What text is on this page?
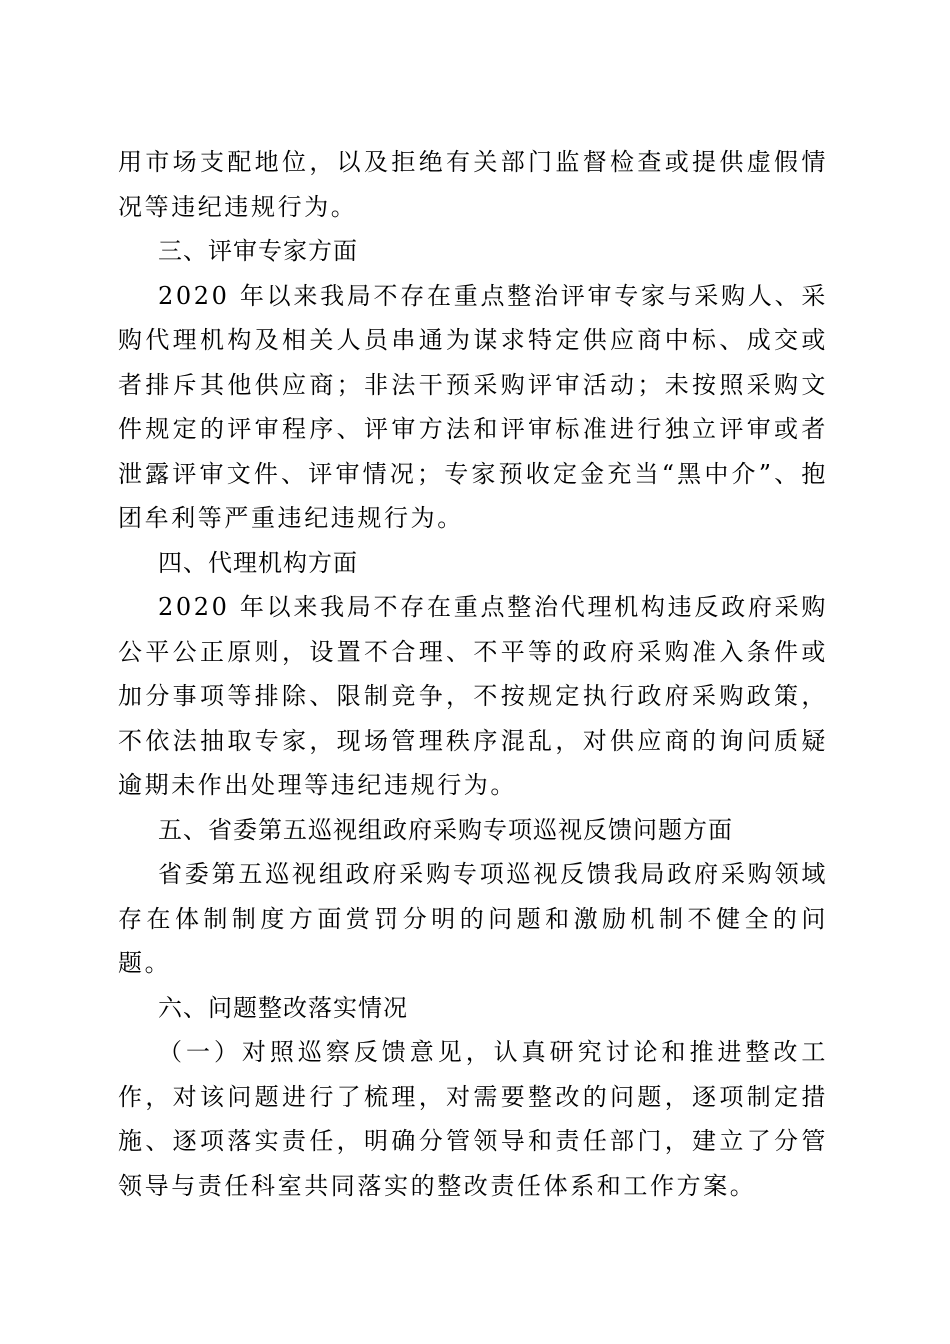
用市场支配地位，以及拒绝有关部门监督检查或提供虚假情况等违纪违规行为。

三、评审专家方面

2020 年以来我局不存在重点整治评审专家与采购人、采购代理机构及相关人员串通为谋求特定供应商中标、成交或者排斥其他供应商；非法干预采购评审活动；未按照采购文件规定的评审程序、评审方法和评审标准进行独立评审或者泄露评审文件、评审情况；专家预收定金充当“黑中介”、抱团牟利等严重违纪违规行为。

四、代理机构方面

2020 年以来我局不存在重点整治代理机构违反政府采购公平公正原则，设置不合理、不平等的政府采购准入条件或加分事项等排除、限制竞争，不按规定执行政府采购政策，不依法抽取专家，现场管理秩序混乱，对供应商的询问质疑逾期未作出处理等违纪违规行为。

五、省委第五巡视组政府采购专项巡视反馈问题方面

省委第五巡视组政府采购专项巡视反馈我局政府采购领域存在体制制度方面赏罚分明的问题和激励机制不健全的问题。

六、问题整改落实情况

（一）对照巡察反馈意见，认真研究讨论和推进整改工作，对该问题进行了梳理，对需要整改的问题，逐项制定措施、逐项落实责任，明确分管领导和责任部门，建立了分管领导与责任科室共同落实的整改责任体系和工作方案。
